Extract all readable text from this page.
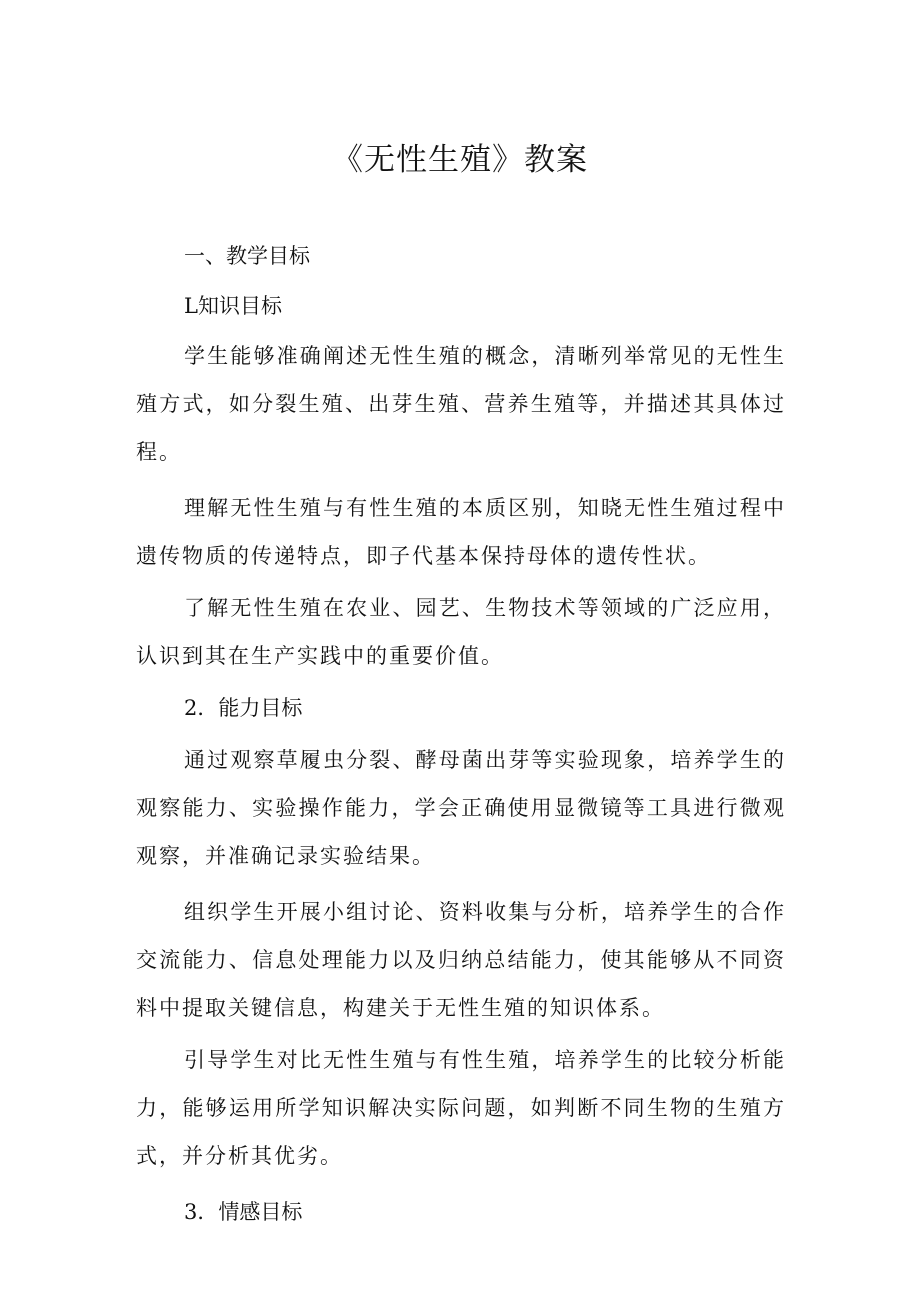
《无性生殖》教案

一、教学目标

L知识目标

学生能够准确阐述无性生殖的概念，清晰列举常见的无性生殖方式，如分裂生殖、出芽生殖、营养生殖等，并描述其具体过程。

理解无性生殖与有性生殖的本质区别，知晓无性生殖过程中遗传物质的传递特点，即子代基本保持母体的遗传性状。

了解无性生殖在农业、园艺、生物技术等领域的广泛应用，认识到其在生产实践中的重要价值。

2．能力目标

通过观察草履虫分裂、酵母菌出芽等实验现象，培养学生的观察能力、实验操作能力，学会正确使用显微镜等工具进行微观观察，并准确记录实验结果。

组织学生开展小组讨论、资料收集与分析，培养学生的合作交流能力、信息处理能力以及归纳总结能力，使其能够从不同资料中提取关键信息，构建关于无性生殖的知识体系。

引导学生对比无性生殖与有性生殖，培养学生的比较分析能力，能够运用所学知识解决实际问题，如判断不同生物的生殖方式，并分析其优劣。

3．情感目标
